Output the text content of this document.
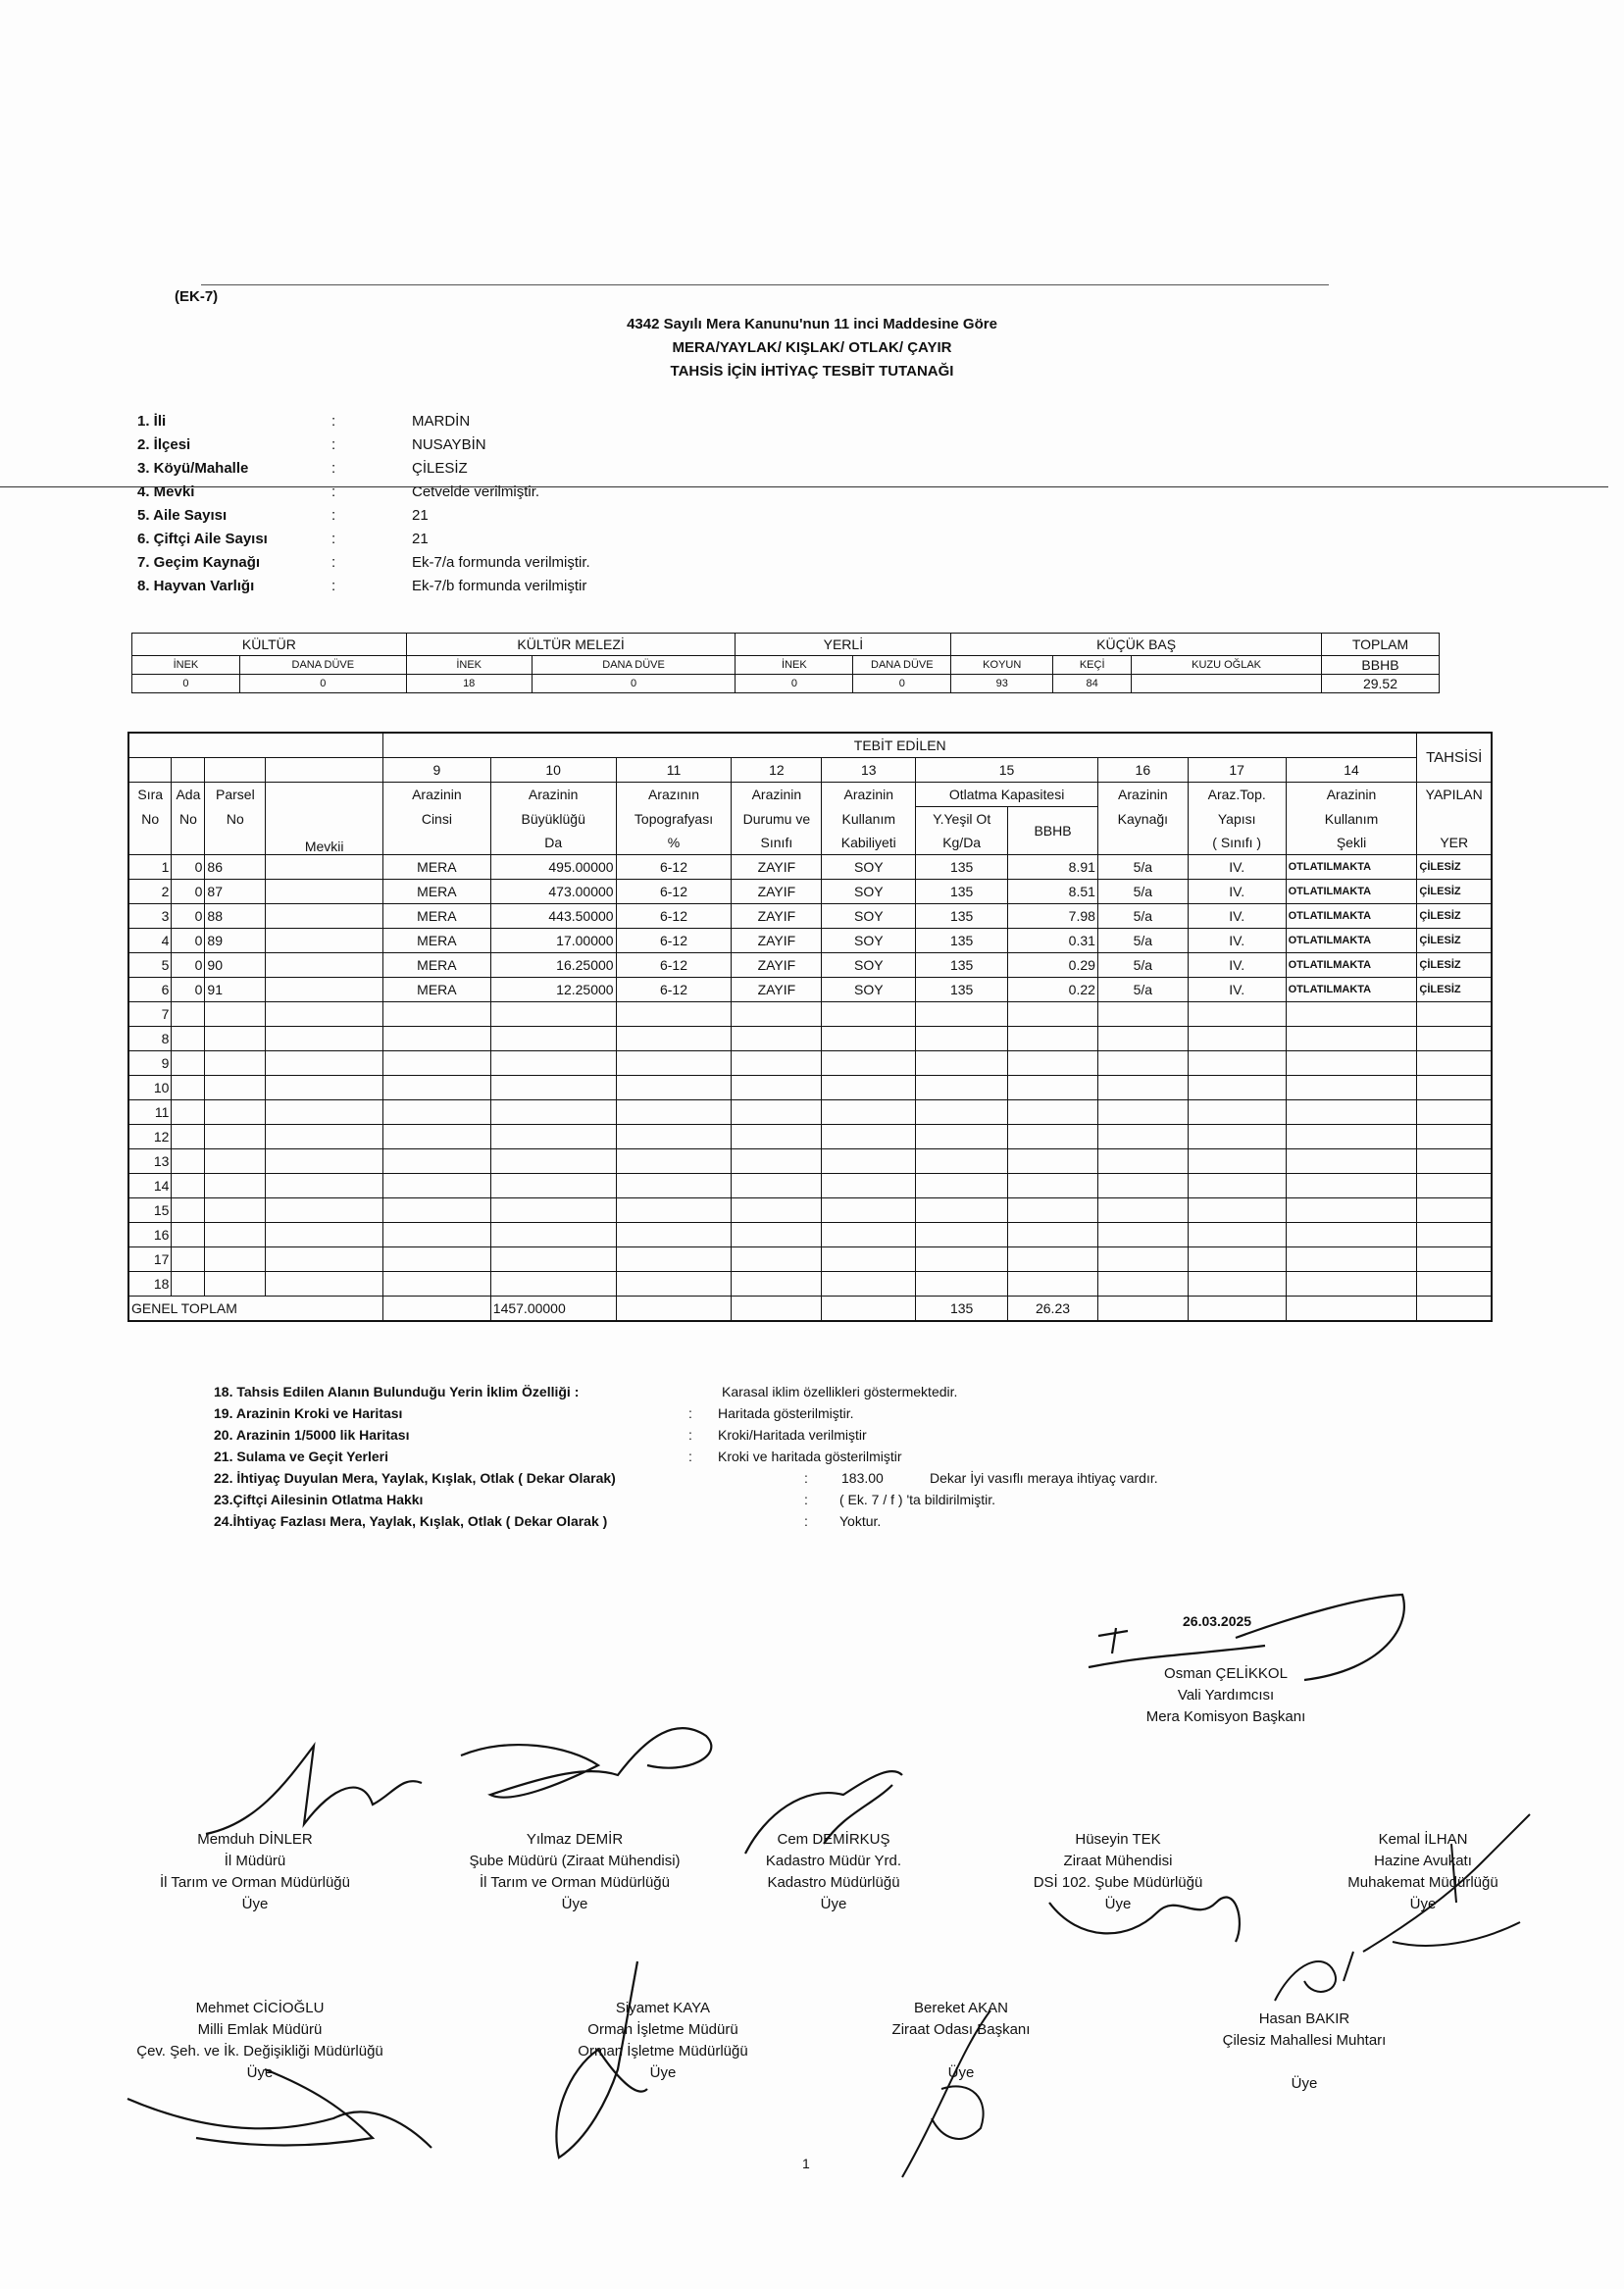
(EK-7)
4342 Sayılı Mera Kanunu'nun 11 inci Maddesine Göre
MERA/YAYLAK/ KIŞLAK/ OTLAK/ ÇAYIR
TAHSİS İÇİN İHTİYAÇ TESBİT TUTANAĞI
1. İli	:	MARDİN
2. İlçesi	:	NUSAYBİN
3. Köyü/Mahalle	:	ÇİLESİZ
4. Mevki	:	Cetvelde verilmiştir.
5. Aile Sayısı	:	21
6. Çiftçi Aile Sayısı	:	21
7. Geçim Kaynağı	:	Ek-7/a formunda verilmiştir.
8. Hayvan Varlığı	:	Ek-7/b formunda verilmiştir
KÜLTÜR		KÜLTÜR MELEZİ		YERLİ		KÜÇÜK BAŞ			TOPLAM
İNEK	DANA DÜVE	İNEK	DANA DÜVE	İNEK	DANA DÜVE	KOYUN	KEÇİ	KUZU OĞLAK	BBHB
0	0	18	0	0	0	93	84		29.52
				TEBİT EDİLEN										TAHSİSİ
				9	10	11	12	13	15		16	17	14	
Sıra	Ada	Parsel	Mevkii	Arazinin	Arazinin	Arazının	Arazinin	Arazinin	Otlatma Kapasitesi		Arazinin	Araz.Top.	Arazinin	YAPILAN
No	No	No		Cinsi	Büyüklüğü	Topografyası	Durumu ve	Kullanım	Y.Yeşil Ot	BBHB	Kaynağı	Yapısı	Kullanım	
					Da	%	Sınıfı	Kabiliyeti	Kg/Da			( Sınıfı )	Şekli	YER
1	0	86		MERA	495.00000	6-12	ZAYIF	SOY	135	8.91	5/a	IV.	OTLATILMAKTA	ÇİLESİZ
2	0	87		MERA	473.00000	6-12	ZAYIF	SOY	135	8.51	5/a	IV.	OTLATILMAKTA	ÇİLESİZ
3	0	88		MERA	443.50000	6-12	ZAYIF	SOY	135	7.98	5/a	IV.	OTLATILMAKTA	ÇİLESİZ
4	0	89		MERA	17.00000	6-12	ZAYIF	SOY	135	0.31	5/a	IV.	OTLATILMAKTA	ÇİLESİZ
5	0	90		MERA	16.25000	6-12	ZAYIF	SOY	135	0.29	5/a	IV.	OTLATILMAKTA	ÇİLESİZ
6	0	91		MERA	12.25000	6-12	ZAYIF	SOY	135	0.22	5/a	IV.	OTLATILMAKTA	ÇİLESİZ
7														
8														
9														
10														
11														
12														
13														
14														
15														
16														
17														
18														
GENEL TOPLAM					1457.00000				135	26.23				
18. Tahsis Edilen Alanın Bulunduğu Yerin İklim Özelliği :	Karasal iklim özellikleri göstermektedir.
19. Arazinin Kroki ve Haritası	: Haritada gösterilmiştir.
20. Arazinin 1/5000 lik Haritası	: Kroki/Haritada verilmiştir
21. Sulama ve Geçit Yerleri	: Kroki ve haritada gösterilmiştir
22. İhtiyaç Duyulan Mera, Yaylak, Kışlak, Otlak ( Dekar Olarak)	: 183.00	Dekar İyi vasıflı meraya ihtiyaç vardır.
23.Çiftçi Ailesinin Otlatma Hakkı	: ( Ek. 7 / f ) 'ta bildirilmiştir.
24.İhtiyaç Fazlası Mera, Yaylak, Kışlak, Otlak ( Dekar Olarak )	: Yoktur.
26.03.2025
Osman ÇELİKKOL
Vali Yardımcısı
Mera Komisyon Başkanı
Memduh DİNLER
İl Müdürü
İl Tarım ve Orman Müdürlüğü
Üye
Yılmaz DEMİR
Şube Müdürü (Ziraat Mühendisi)
İl Tarım ve Orman Müdürlüğü
Üye
Cem DEMİRKUŞ
Kadastro Müdür Yrd.
Kadastro Müdürlüğü
Üye
Hüseyin TEK
Ziraat Mühendisi
DSİ 102. Şube Müdürlüğü
Üye
Kemal İLHAN
Hazine Avukatı
Muhakemat Müdürlüğü
Üye
Mehmet CİCİOĞLU
Milli Emlak Müdürü
Çev. Şeh. ve İk. Değişikliği Müdürlüğü
Üye
Siyamet KAYA
Orman İşletme Müdürü
Orman İşletme Müdürlüğü
Üye
Bereket AKAN
Ziraat Odası Başkanı
Üye
Hasan BAKIR
Çilesiz Mahallesi Muhtarı
Üye
1
